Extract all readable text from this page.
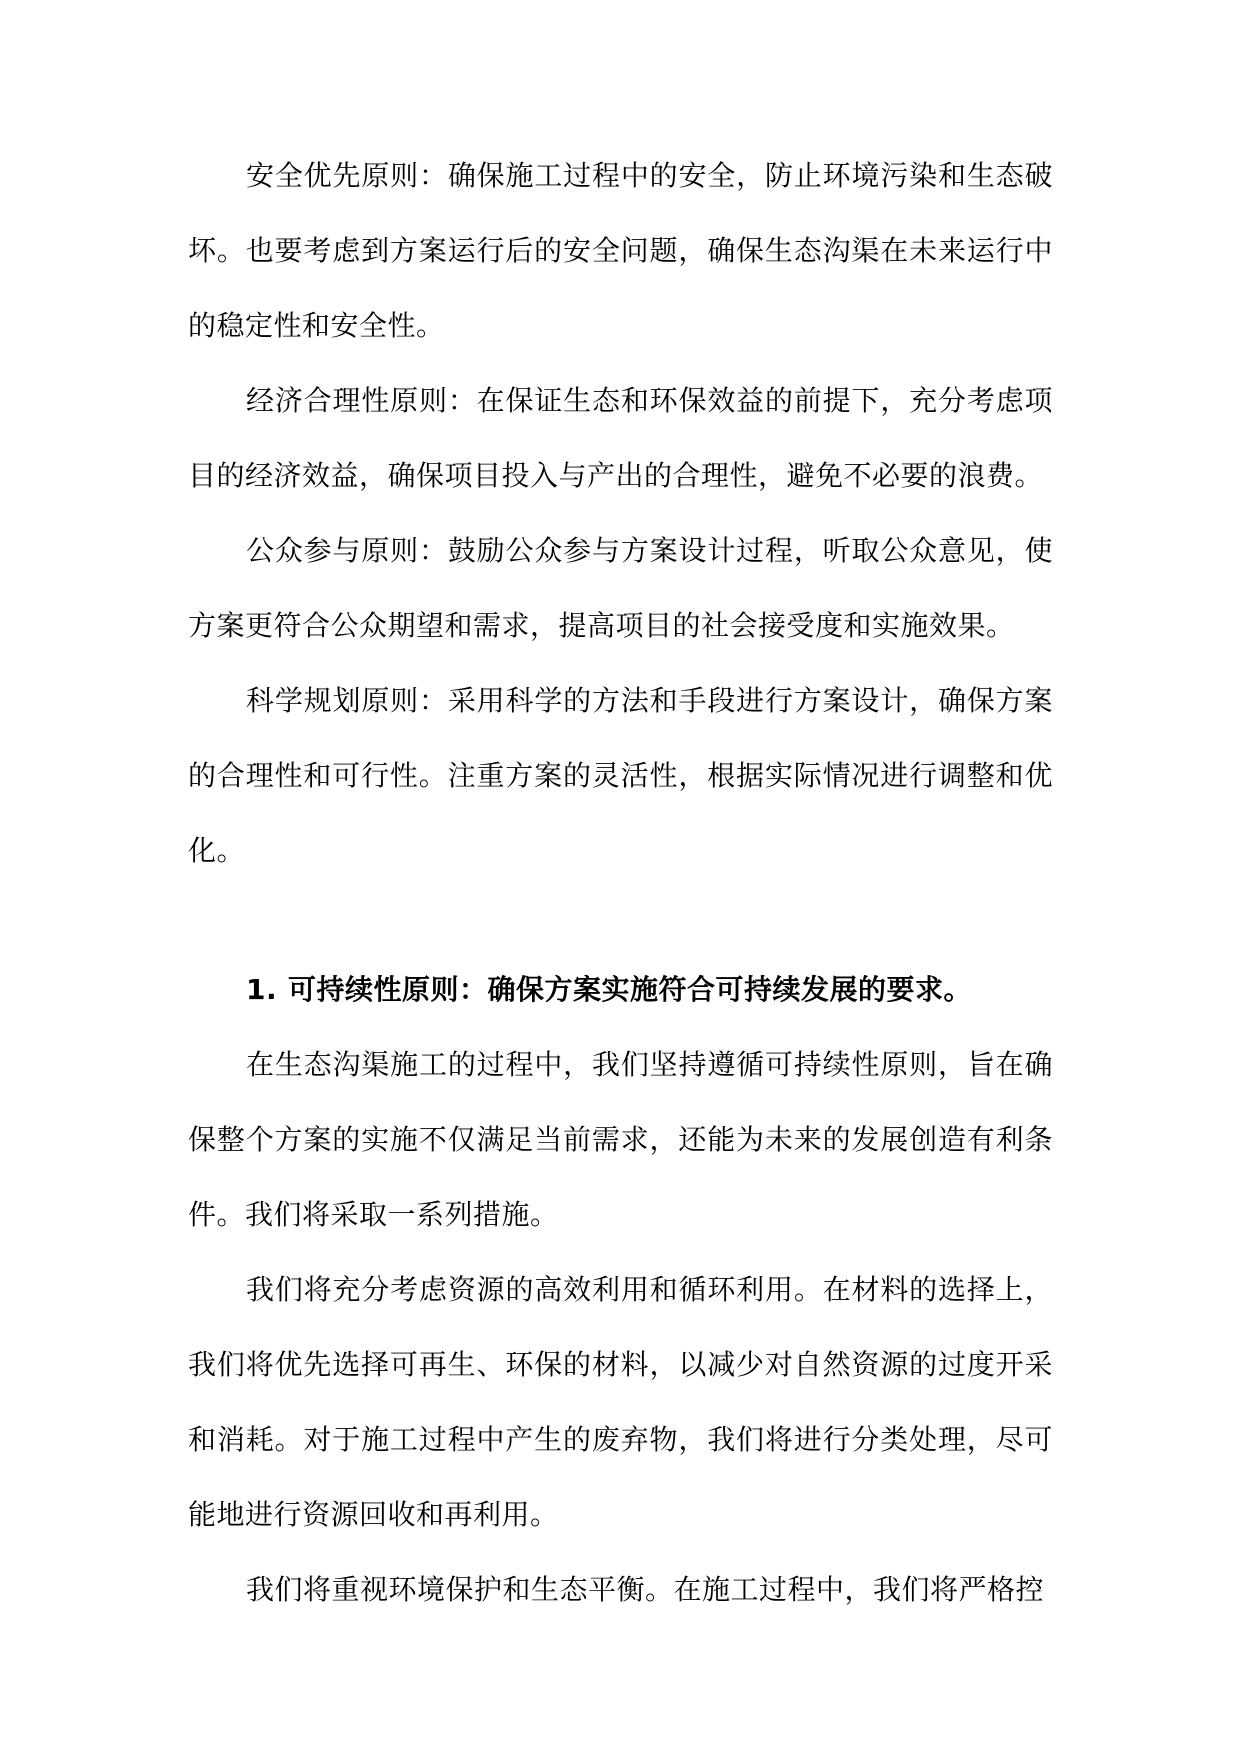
安全优先原则：确保施工过程中的安全，防止环境污染和生态破坏。也要考虑到方案运行后的安全问题，确保生态沟渠在未来运行中的稳定性和安全性。

经济合理性原则：在保证生态和环保效益的前提下，充分考虑项目的经济效益，确保项目投入与产出的合理性，避免不必要的浪费。

公众参与原则：鼓励公众参与方案设计过程，听取公众意见，使方案更符合公众期望和需求，提高项目的社会接受度和实施效果。

科学规划原则：采用科学的方法和手段进行方案设计，确保方案的合理性和可行性。注重方案的灵活性，根据实际情况进行调整和优化。

1. 可持续性原则：确保方案实施符合可持续发展的要求。

在生态沟渠施工的过程中，我们坚持遵循可持续性原则，旨在确保整个方案的实施不仅满足当前需求，还能为未来的发展创造有利条件。我们将采取一系列措施。

我们将充分考虑资源的高效利用和循环利用。在材料的选择上，我们将优先选择可再生、环保的材料，以减少对自然资源的过度开采和消耗。对于施工过程中产生的废弃物，我们将进行分类处理，尽可能地进行资源回收和再利用。

我们将重视环境保护和生态平衡。在施工过程中，我们将严格控
